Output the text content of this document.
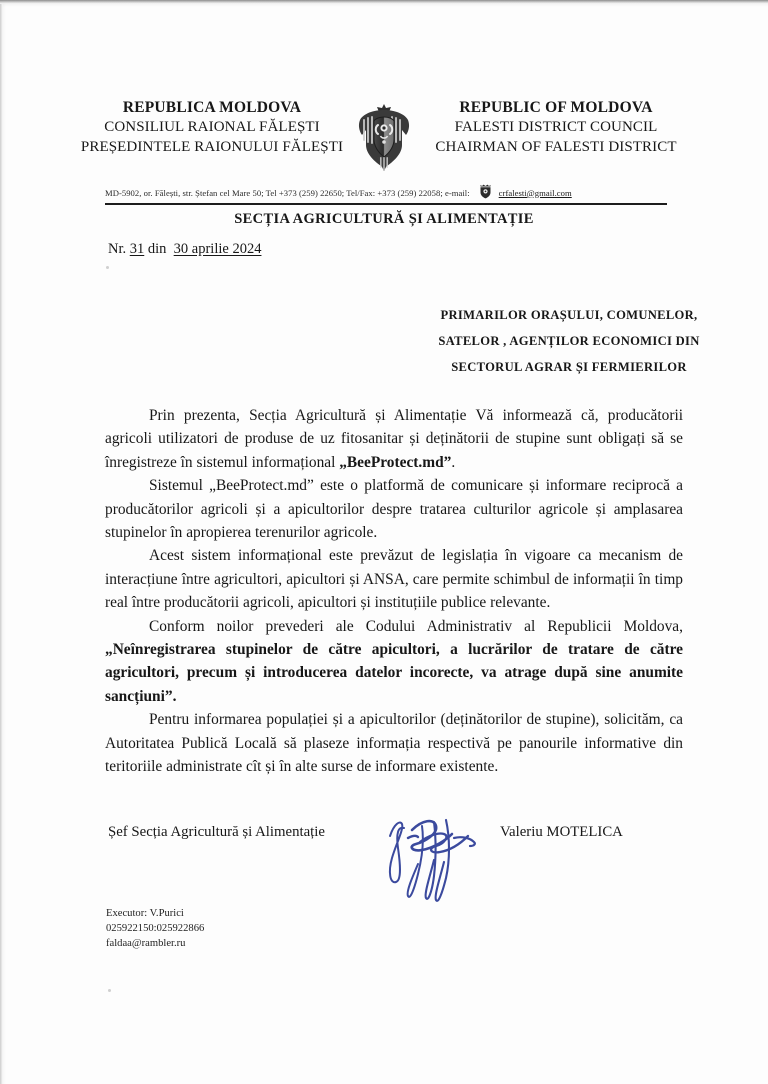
REPUBLICA MOLDOVA
CONSILIUL RAIONAL FĂLEȘTI
PREȘEDINTELE RAIONULUI FĂLEȘTI
REPUBLIC OF MOLDOVA
FALESTI DISTRICT COUNCIL
CHAIRMAN OF FALESTI DISTRICT
MD-5902, or. Fălești, str. Ștefan cel Mare 50; Tel +373 (259) 22650; Tel/Fax: +373 (259) 22058; e-mail:	crfalesti@gmail.com
SECȚIA AGRICULTURĂ ȘI ALIMENTAȚIE
Nr. 31 din 30 aprilie 2024
PRIMARILOR ORAȘULUI, COMUNELOR,
SATELOR , AGENȚILOR ECONOMICI DIN
SECTORUL AGRAR ȘI FERMIERILOR

Prin prezenta, Secția Agricultură și Alimentație Vă informează că, producătorii agricoli utilizatori de produse de uz fitosanitar și deținătorii de stupine sunt obligați să se înregistreze în sistemul informațional „BeeProtect.md”.

Sistemul „BeeProtect.md” este o platformă de comunicare și informare reciprocă a producătorilor agricoli și a apicultorilor despre tratarea culturilor agricole și amplasarea stupinelor în apropierea terenurilor agricole.

Acest sistem informațional este prevăzut de legislația în vigoare ca mecanism de interacțiune între agricultori, apicultori și ANSA, care permite schimbul de informații în timp real între producătorii agricoli, apicultori și instituțiile publice relevante.

Conform noilor prevederi ale Codului Administrativ al Republicii Moldova, „Neînregistrarea stupinelor de către apicultori, a lucrărilor de tratare de către agricultori, precum și introducerea datelor incorecte, va atrage după sine anumite sancțiuni”.

Pentru informarea populației și a apicultorilor (deținătorilor de stupine), solicităm, ca Autoritatea Publică Locală să plaseze informația respectivă pe panourile informative din teritoriile administrate cît și în alte surse de informare existente.

Șef Secția Agricultură și Alimentație	Valeriu MOTELICA
Executor: V.Purici
025922150:025922866
faldaa@rambler.ru
